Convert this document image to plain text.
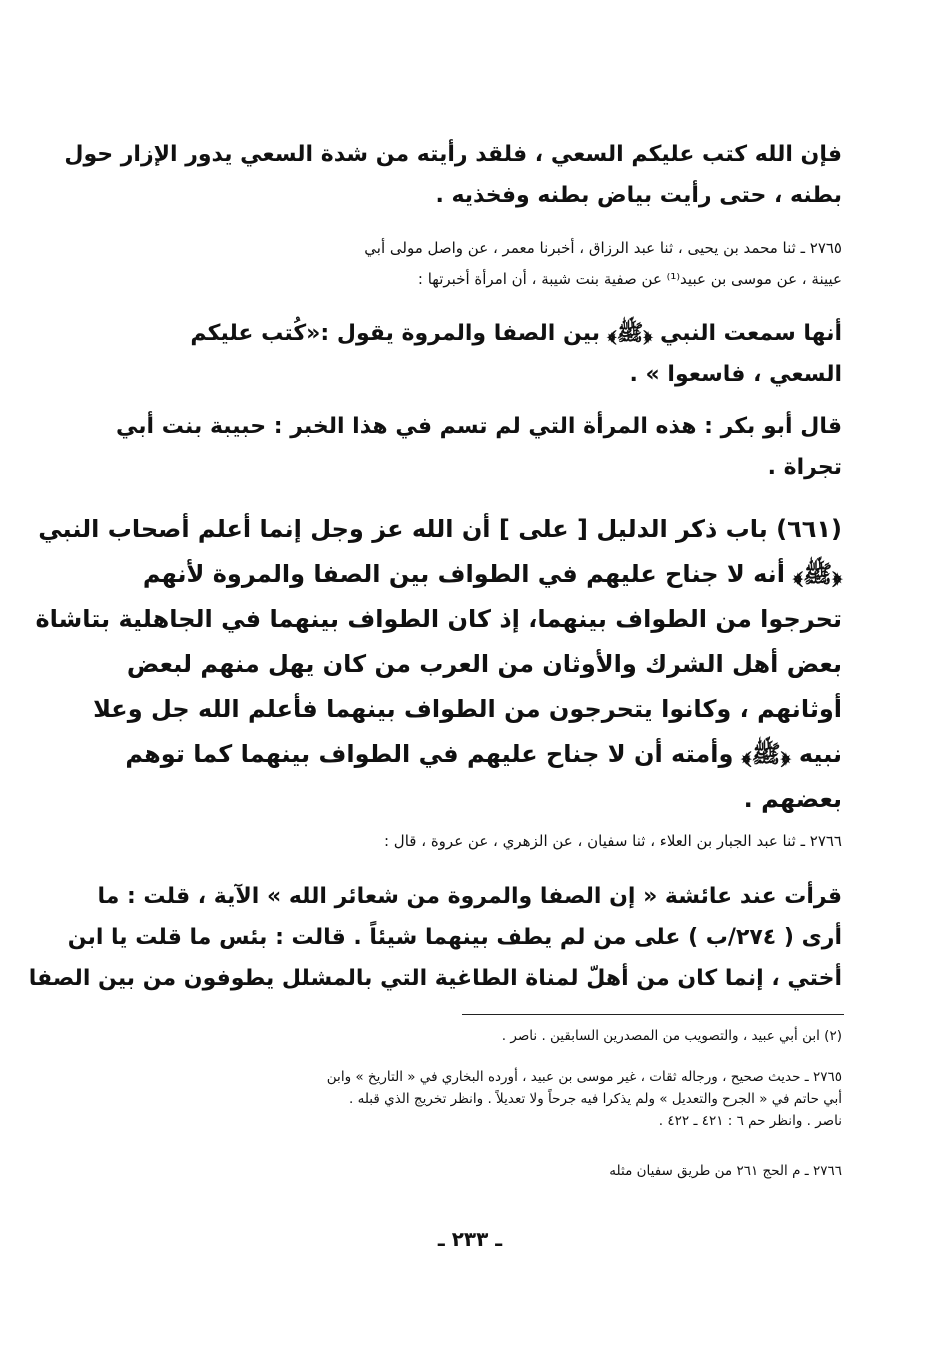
فإن الله كتب عليكم السعي ، فلقد رأيته من شدة السعي يدور الإزار حول
بطنه ، حتى رأيت بياض بطنه وفخذيه .
٢٧٦٥ ـ ثنا محمد بن يحيى ، ثنا عبد الرزاق ، أخبرنا معمر ، عن واصل مولى أبي
عيينة ، عن موسى بن عبيد⁽¹⁾ عن صفية بنت شيبة ، أن امرأة أخبرتها :
أنها سمعت النبي ﴿ﷺ﴾ بين الصفا والمروة يقول :«كُتب عليكم
السعي ، فاسعوا » .
قال أبو بكر : هذه المرأة التي لم تسم في هذا الخبر : حبيبة بنت أبي
تجراة .
(٦٦١) باب ذكر الدليل [ على ] أن الله عز وجل إنما أعلم أصحاب النبي
﴿ﷺ﴾ أنه لا جناح عليهم في الطواف بين الصفا والمروة لأنهم
تحرجوا من الطواف بينهما، إذ كان الطواف بينهما في الجاهلية بتاشاة
بعض أهل الشرك والأوثان من العرب من كان يهل منهم لبعض
أوثانهم ، وكانوا يتحرجون من الطواف بينهما فأعلم الله جل وعلا
نبيه ﴿ﷺ﴾ وأمته أن لا جناح عليهم في الطواف بينهما كما توهم
بعضهم .
٢٧٦٦ ـ ثنا عبد الجبار بن العلاء ، ثنا سفيان ، عن الزهري ، عن عروة ، قال :
قرأت عند عائشة « إن الصفا والمروة من شعائر الله » الآية ، قلت : ما
أرى ( ٢٧٤/ب ) على من لم يطف بينهما شيئاً . قالت : بئس ما قلت يا ابن
أختي ، إنما كان من أهلّ لمناة الطاغية التي بالمشلل يطوفون من بين الصفا
(٢) ابن أبي عبيد ، والتصويب من المصدرين السابقين . ناصر .
٢٧٦٥ ـ حديث صحيح ، ورجاله ثقات ، غير موسى بن عبيد ، أورده البخاري في « التاريخ » وابن
أبي حاتم في « الجرح والتعديل » ولم يذكرا فيه جرحاً ولا تعديلاً . وانظر تخريج الذي قبله .
ناصر . وانظر حم ٦ : ٤٢١ ـ ٤٢٢ .
٢٧٦٦ ـ م الحج ٢٦١ من طريق سفيان مثله
ـ ٢٣٣ ـ
